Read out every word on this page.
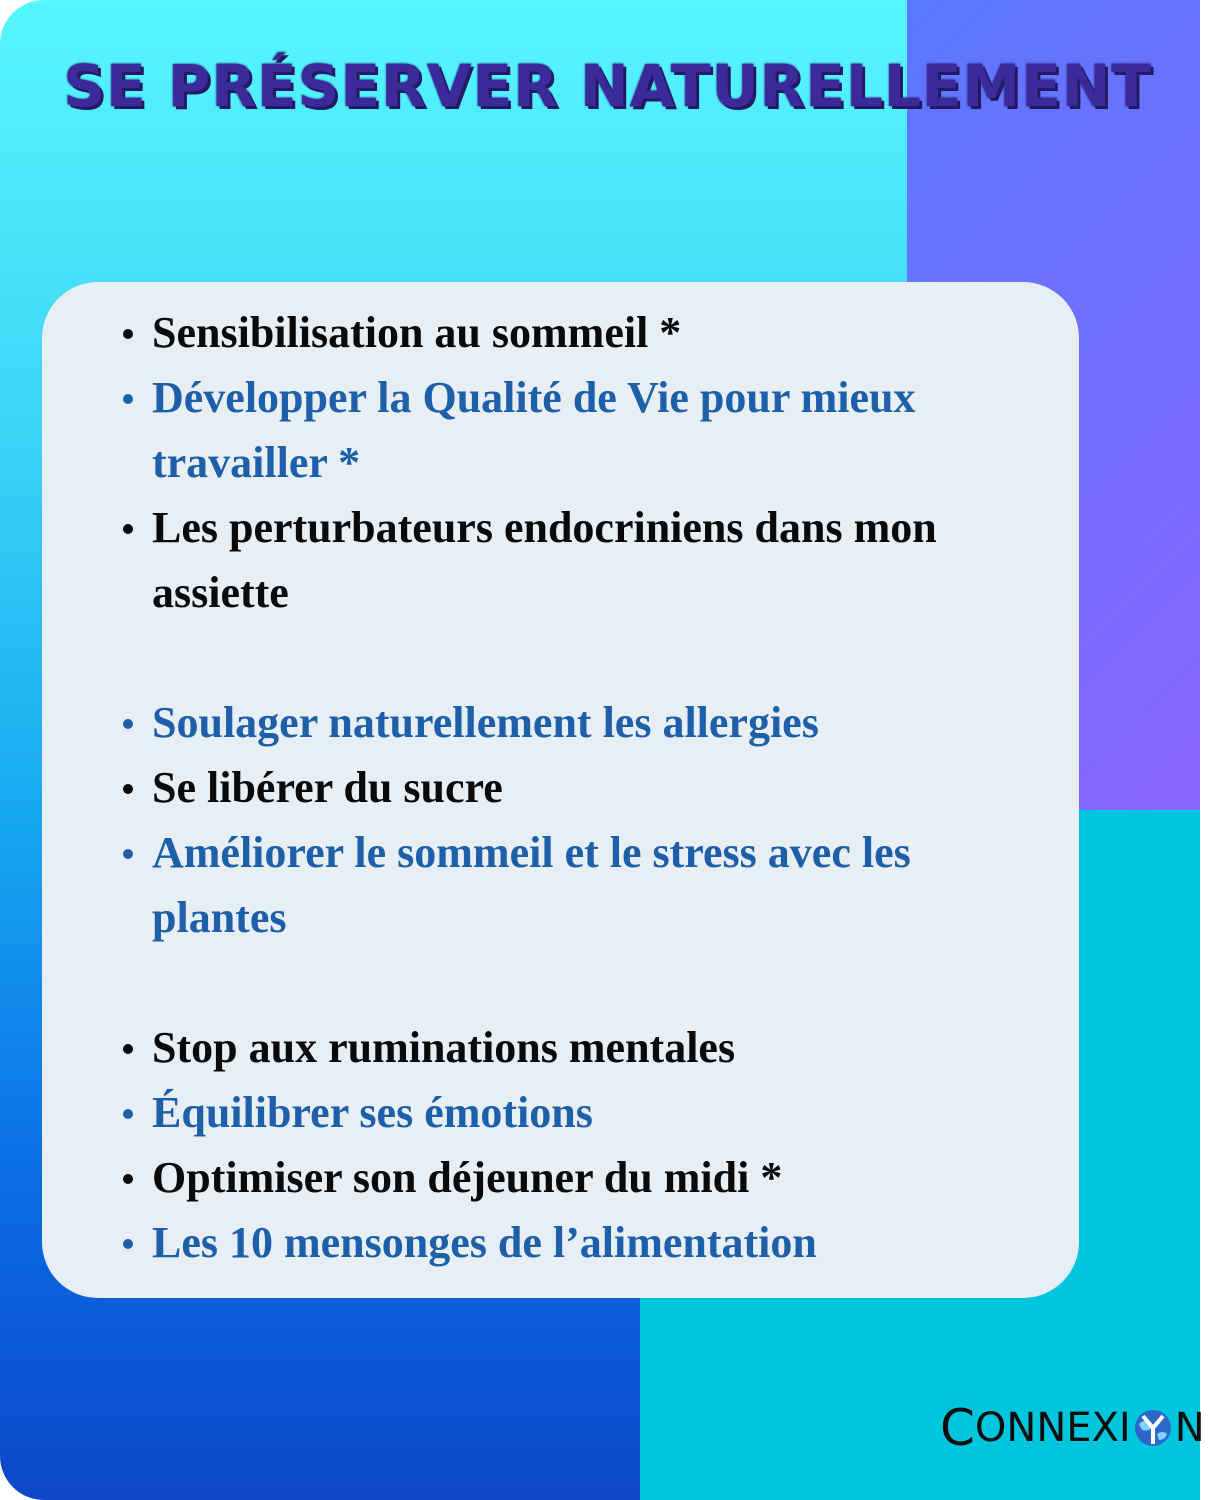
SE PRÉSERVER NATURELLEMENT
Sensibilisation au sommeil *
Développer la Qualité de Vie pour mieux travailler *
Les perturbateurs endocriniens dans mon assiette
Soulager naturellement les allergies
Se libérer du sucre
Améliorer le sommeil et le stress avec les plantes
Stop aux ruminations mentales
Équilibrer ses émotions
Optimiser son déjeuner du midi *
Les 10 mensonges de l’alimentation
C ONNEXI N
